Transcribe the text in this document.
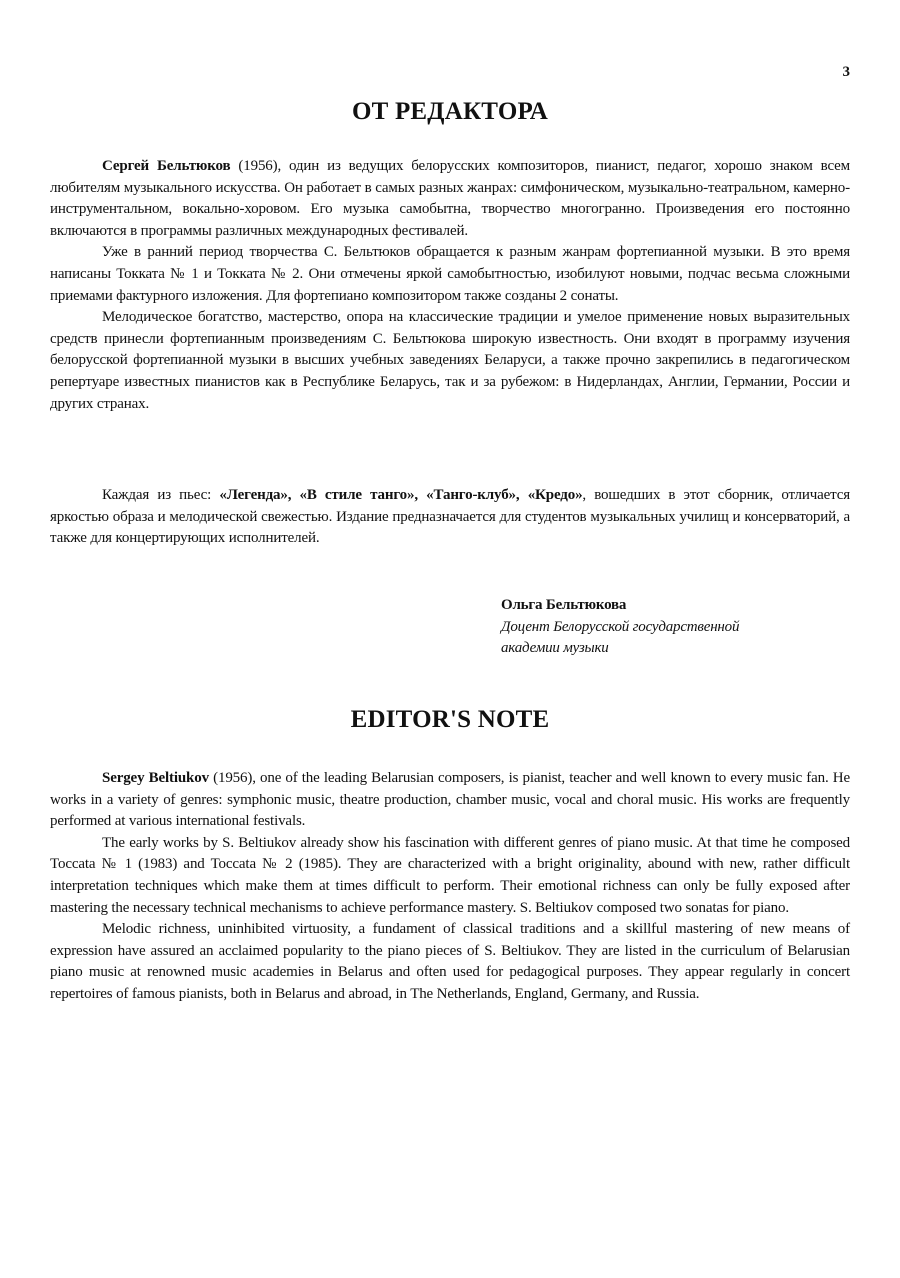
3
ОТ РЕДАКТОРА

Сергей Бельтюков (1956), один из ведущих белорусских композиторов, пианист, педагог, хорошо знаком всем любителям музыкального искусства. Он работает в самых разных жанрах: симфоническом, музыкально-театральном, камерно-инструментальном, вокально-хоровом. Его музыка самобытна, творчество многогранно. Произведения его постоянно включаются в программы различных международных фестивалей.

Уже в ранний период творчества С. Бельтюков обращается к разным жанрам фортепианной музыки. В это время написаны Токката № 1 и Токката № 2. Они отмечены яркой самобытностью, изобилуют новыми, подчас весьма сложными приемами фактурного изложения. Для фортепиано композитором также созданы 2 сонаты.

Мелодическое богатство, мастерство, опора на классические традиции и умелое применение новых выразительных средств принесли фортепианным произведениям С. Бельтюкова широкую известность. Они входят в программу изучения белорусской фортепианной музыки в высших учебных заведениях Беларуси, а также прочно закрепились в педагогическом репертуаре известных пианистов как в Республике Беларусь, так и за рубежом: в Нидерландах, Англии, Германии, России и других странах.

Каждая из пьес: «Легенда», «В стиле танго», «Танго-клуб», «Кредо», вошедших в этот сборник, отличается яркостью образа и мелодической свежестью. Издание предназначается для студентов музыкальных училищ и консерваторий, а также для концертирующих исполнителей.

Ольга Бельтюкова
Доцент Белорусской государственной
академии музыки
EDITOR'S NOTE

Sergey Beltiukov (1956), one of the leading Belarusian composers, is pianist, teacher and well known to every music fan. He works in a variety of genres: symphonic music, theatre production, chamber music, vocal and choral music. His works are frequently performed at various international festivals.

The early works by S. Beltiukov already show his fascination with different genres of piano music. At that time he composed Toccata № 1 (1983) and Toccata № 2 (1985). They are characterized with a bright originality, abound with new, rather difficult interpretation techniques which make them at times difficult to perform. Their emotional richness can only be fully exposed after mastering the necessary technical mechanisms to achieve performance mastery. S. Beltiukov composed two sonatas for piano.

Melodic richness, uninhibited virtuosity, a fundament of classical traditions and a skillful mastering of new means of expression have assured an acclaimed popularity to the piano pieces of S. Beltiukov. They are listed in the curriculum of Belarusian piano music at renowned music academies in Belarus and often used for pedagogical purposes. They appear regularly in concert repertoires of famous pianists, both in Belarus and abroad, in The Netherlands, England, Germany, and Russia.
